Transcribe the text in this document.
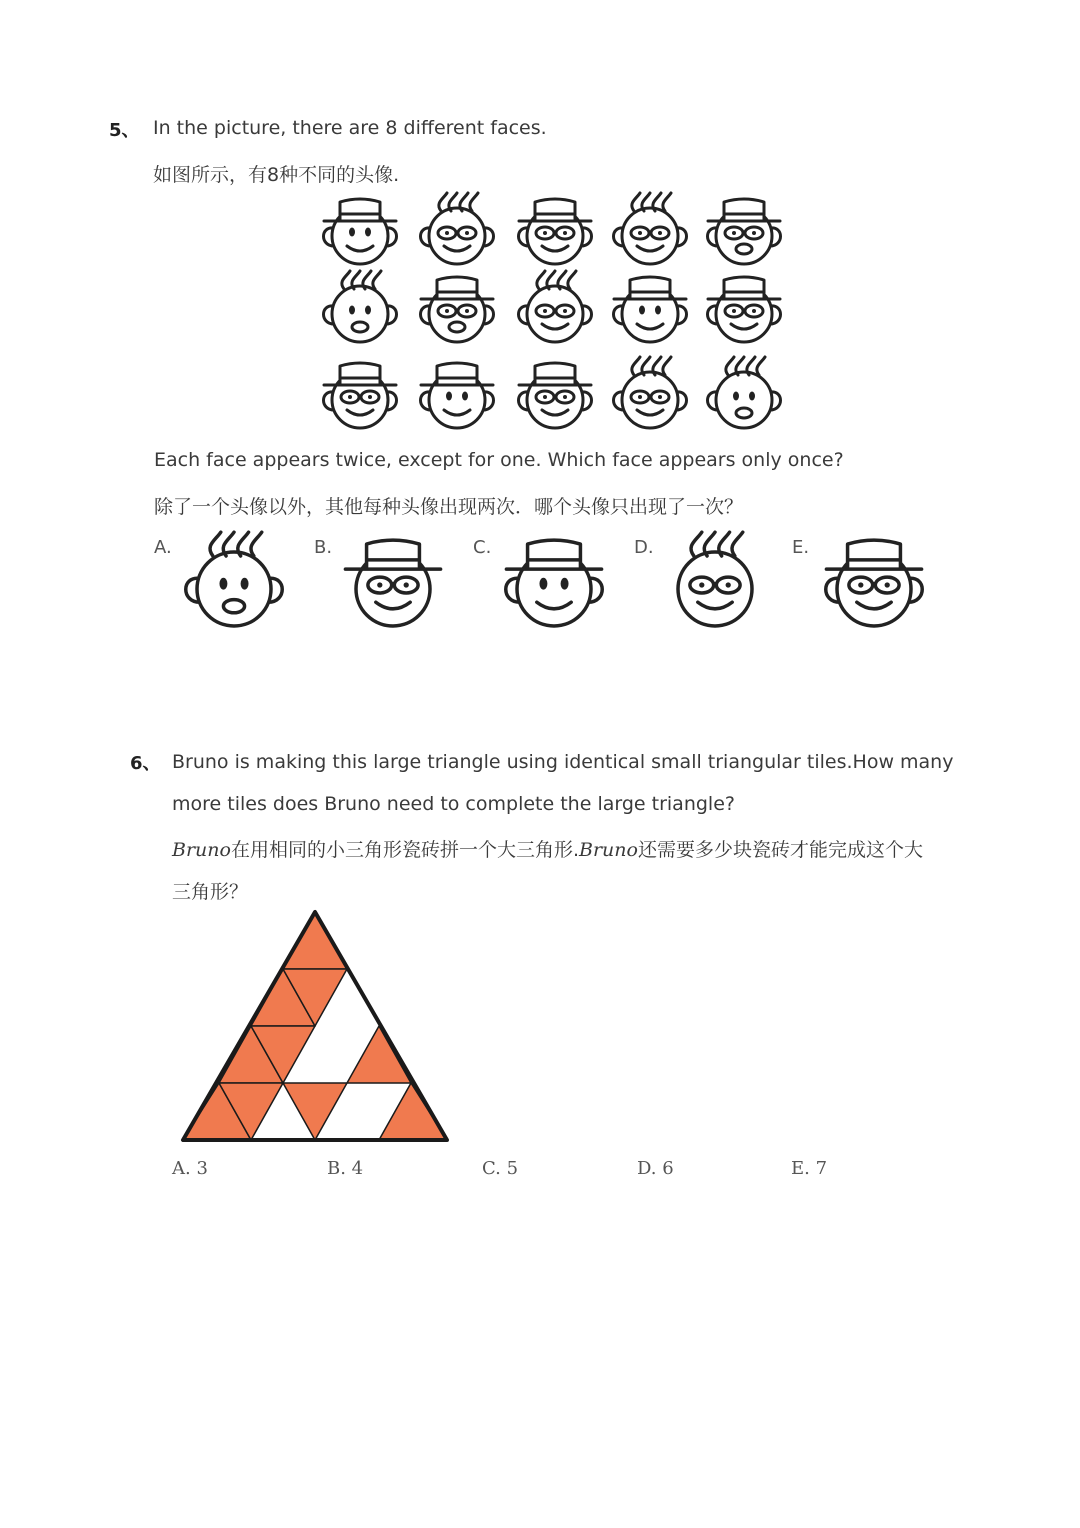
5、 In the picture, there are 8 different faces.
如图所示，有8种不同的头像.
Each face appears twice, except for one. Which face appears only once?
除了一个头像以外，其他每种头像出现两次．哪个头像只出现了一次？
A.	B.	C.	D.	E.
6、 Bruno is making this large triangle using identical small triangular tiles.How many
more tiles does Bruno need to complete the large triangle?
Bruno在用相同的小三角形瓷砖拼一个大三角形.Bruno还需要多少块瓷砖才能完成这个大
三角形？
A. 3	B. 4	C. 5	D. 6	E. 7
